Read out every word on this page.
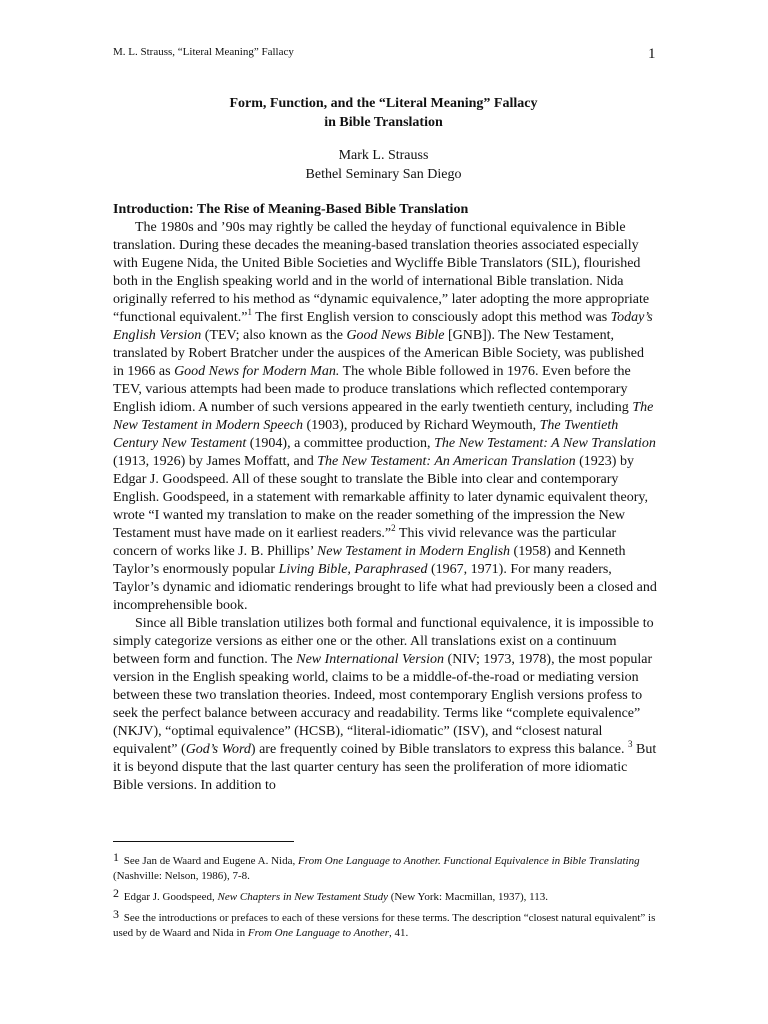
M. L. Strauss, “Literal Meaning” Fallacy	1
Form, Function, and the “Literal Meaning” Fallacy
in Bible Translation
Mark L. Strauss
Bethel Seminary San Diego
Introduction: The Rise of Meaning-Based Bible Translation

The 1980s and ’90s may rightly be called the heyday of functional equivalence in Bible translation. During these decades the meaning-based translation theories associated especially with Eugene Nida, the United Bible Societies and Wycliffe Bible Translators (SIL), flourished both in the English speaking world and in the world of international Bible translation. Nida originally referred to his method as “dynamic equivalence,” later adopting the more appropriate “functional equivalent.”$^1$ The first English version to consciously adopt this method was Today’s English Version (TEV; also known as the Good News Bible [GNB]). The New Testament, translated by Robert Bratcher under the auspices of the American Bible Society, was published in 1966 as Good News for Modern Man. The whole Bible followed in 1976. Even before the TEV, various attempts had been made to produce translations which reflected contemporary English idiom. A number of such versions appeared in the early twentieth century, including The New Testament in Modern Speech (1903), produced by Richard Weymouth, The Twentieth Century New Testament (1904), a committee production, The New Testament: A New Translation (1913, 1926) by James Moffatt, and The New Testament: An American Translation (1923) by Edgar J. Goodspeed. All of these sought to translate the Bible into clear and contemporary English. Goodspeed, in a statement with remarkable affinity to later dynamic equivalent theory, wrote “I wanted my translation to make on the reader something of the impression the New Testament must have made on it earliest readers.”$^2$ This vivid relevance was the particular concern of works like J. B. Phillips’ New Testament in Modern English (1958) and Kenneth Taylor’s enormously popular Living Bible, Paraphrased (1967, 1971). For many readers, Taylor’s dynamic and idiomatic renderings brought to life what had previously been a closed and incomprehensible book.

Since all Bible translation utilizes both formal and functional equivalence, it is impossible to simply categorize versions as either one or the other. All translations exist on a continuum between form and function. The New International Version (NIV; 1973, 1978), the most popular version in the English speaking world, claims to be a middle-of-the-road or mediating version between these two translation theories. Indeed, most contemporary English versions profess to seek the perfect balance between accuracy and readability. Terms like “complete equivalence” (NKJV), “optimal equivalence” (HCSB), “literal-idiomatic” (ISV), and “closest natural equivalent” (God’s Word) are frequently coined by Bible translators to express this balance. $^3$ But it is beyond dispute that the last quarter century has seen the proliferation of more idiomatic Bible versions. In addition to

1 See Jan de Waard and Eugene A. Nida, From One Language to Another. Functional Equivalence in Bible Translating (Nashville: Nelson, 1986), 7-8.

2 Edgar J. Goodspeed, New Chapters in New Testament Study (New York: Macmillan, 1937), 113.

3 See the introductions or prefaces to each of these versions for these terms. The description “closest natural equivalent” is used by de Waard and Nida in From One Language to Another, 41.
